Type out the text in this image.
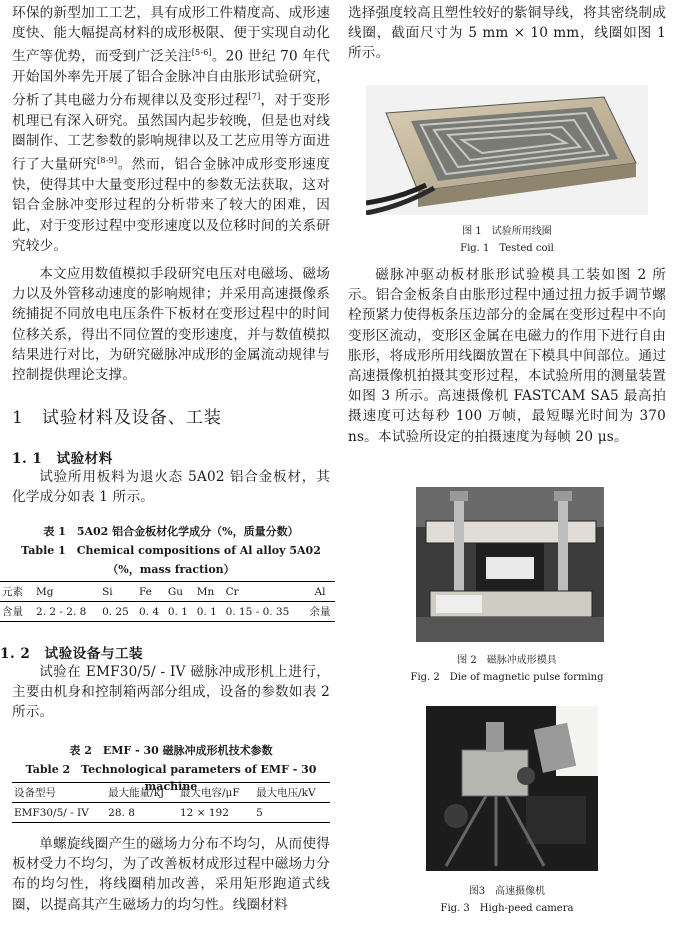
环保的新型加工工艺，具有成形工件精度高、成形速度快、能大幅提高材料的成形极限、便于实现自动化生产等优势，而受到广泛关注[5-6]。20 世纪 70 年代开始国外率先开展了铝合金脉冲自由胀形试验研究，分析了其电磁力分布规律以及变形过程[7]，对于变形机理已有深入研究。虽然国内起步较晚，但是也对线圈制作、工艺参数的影响规律以及工艺应用等方面进行了大量研究[8-9]。然而，铝合金脉冲成形变形速度快，使得其中大量变形过程中的参数无法获取，这对铝合金脉冲变形过程的分析带来了较大的困难，因此，对于变形过程中变形速度以及位移时间的关系研究较少。

本文应用数值模拟手段研究电压对电磁场、磁场力以及外管移动速度的影响规律；并采用高速摄像系统捕捉不同放电电压条件下板材在变形过程中的时间位移关系，得出不同位置的变形速度，并与数值模拟结果进行对比，为研究磁脉冲成形的金属流动规律与控制提供理论支撑。

1　试验材料及设备、工装

1. 1　试验材料

试验所用板料为退火态 5A02 铝合金板材，其化学成分如表 1 所示。

表 1　5A02 铝合金板材化学成分（%，质量分数）

Table 1　Chemical compositions of Al alloy 5A02

（%，mass fraction）

元素	Mg	Si	Fe	Gu	Mn	Cr	Al
含量	2. 2 - 2. 8	0. 25	0. 4	0. 1	0. 1	0. 15 - 0. 35	余量

1. 2　试验设备与工装

试验在 EMF30/5/ - IV 磁脉冲成形机上进行，主要由机身和控制箱两部分组成，设备的参数如表 2 所示。

表 2　EMF - 30 磁脉冲成形机技术参数

Table 2　Technological parameters of EMF - 30 machine

设备型号	最大能量/kJ	最大电容/μF	最大电压/kV
EMF30/5/ - IV	28. 8	12 × 192	5

单螺旋线圈产生的磁场力分布不均匀，从而使得板材受力不均匀，为了改善板材成形过程中磁场力分布的均匀性，将线圈稍加改善，采用矩形跑道式线圈，以提高其产生磁场力的均匀性。线圈材料

选择强度较高且塑性较好的紫铜导线，将其密绕制成线圈，截面尺寸为 5 mm × 10 mm，线圈如图 1 所示。

图 1　试验所用线圈

Fig. 1　Tested coil

磁脉冲驱动板材胀形试验模具工装如图 2 所示。铝合金板条自由胀形过程中通过扭力扳手调节螺栓预紧力使得板条压边部分的金属在变形过程中不向变形区流动，变形区金属在电磁力的作用下进行自由胀形，将成形所用线圈放置在下模具中间部位。通过高速摄像机拍摄其变形过程，本试验所用的测量装置如图 3 所示。高速摄像机 FASTCAM SA5 最高拍摄速度可达每秒 100 万帧，最短曝光时间为 370 ns。本试验所设定的拍摄速度为每帧 20 μs。

图 2　磁脉冲成形模具

Fig. 2　Die of magnetic pulse forming

图3　高速摄像机

Fig. 3　High-peed camera
